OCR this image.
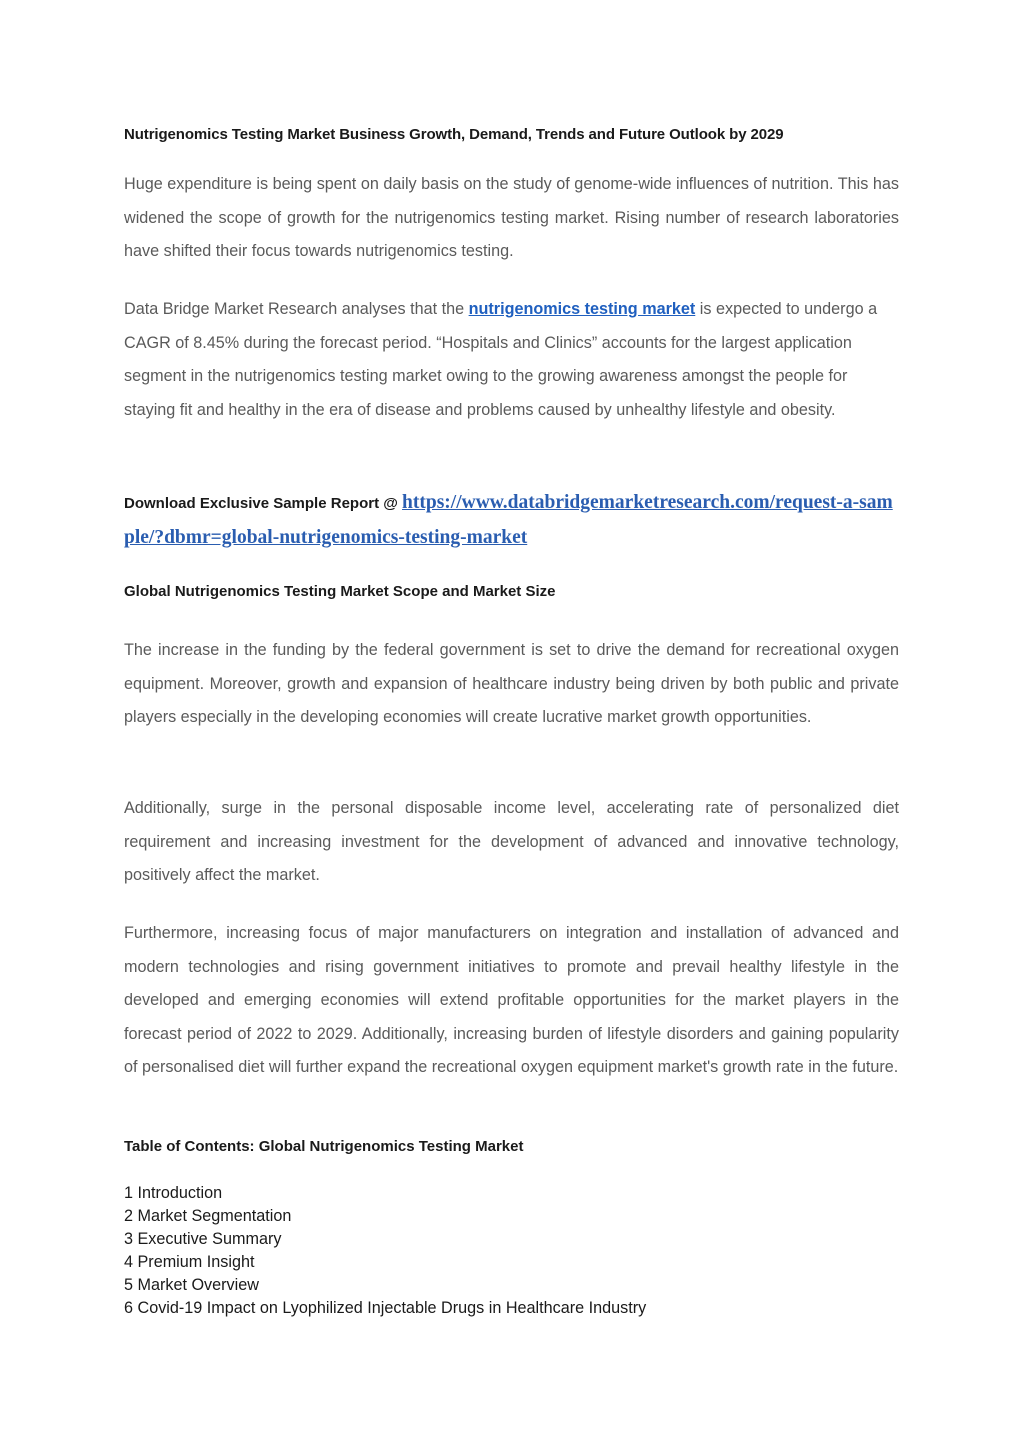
Nutrigenomics Testing Market Business Growth, Demand, Trends and Future Outlook by 2029

Huge expenditure is being spent on daily basis on the study of genome-wide influences of nutrition. This has widened the scope of growth for the nutrigenomics testing market. Rising number of research laboratories have shifted their focus towards nutrigenomics testing.

Data Bridge Market Research analyses that the nutrigenomics testing market is expected to undergo a CAGR of 8.45% during the forecast period. “Hospitals and Clinics” accounts for the largest application segment in the nutrigenomics testing market owing to the growing awareness amongst the people for staying fit and healthy in the era of disease and problems caused by unhealthy lifestyle and obesity.

Download Exclusive Sample Report @ https://www.databridgemarketresearch.com/request-a-sample/?dbmr=global-nutrigenomics-testing-market
Global Nutrigenomics Testing Market Scope and Market Size

The increase in the funding by the federal government is set to drive the demand for recreational oxygen equipment. Moreover, growth and expansion of healthcare industry being driven by both public and private players especially in the developing economies will create lucrative market growth opportunities.

Additionally, surge in the personal disposable income level, accelerating rate of personalized diet requirement and increasing investment for the development of advanced and innovative technology, positively affect the market.

Furthermore, increasing focus of major manufacturers on integration and installation of advanced and modern technologies and rising government initiatives to promote and prevail healthy lifestyle in the developed and emerging economies will extend profitable opportunities for the market players in the forecast period of 2022 to 2029. Additionally, increasing burden of lifestyle disorders and gaining popularity of personalised diet will further expand the recreational oxygen equipment market's growth rate in the future.

Table of Contents: Global Nutrigenomics Testing Market
1 Introduction
2 Market Segmentation
3 Executive Summary
4 Premium Insight
5 Market Overview
6 Covid-19 Impact on Lyophilized Injectable Drugs in Healthcare Industry
